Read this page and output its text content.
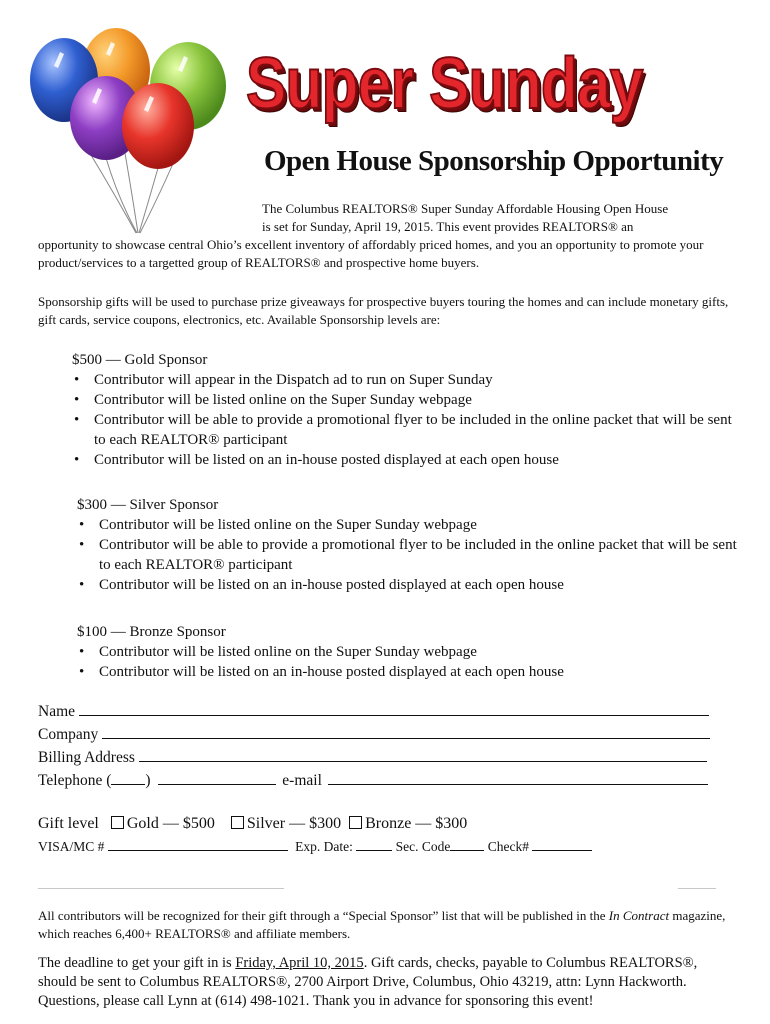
Super Sunday
Open House Sponsorship Opportunity
The Columbus REALTORS® Super Sunday Affordable Housing Open House
is set for Sunday, April 19, 2015. This event provides REALTORS® an
opportunity to showcase central Ohio’s excellent inventory of affordably priced homes, and you an opportunity to promote your product/services to a targetted group of REALTORS® and prospective home buyers.
Sponsorship gifts will be used to purchase prize giveaways for prospective buyers touring the homes and can include monetary gifts, gift cards, service coupons, electronics, etc. Available Sponsorship levels are:
$500 — Gold Sponsor
• Contributor will appear in the Dispatch ad to run on Super Sunday
• Contributor will be listed online on the Super Sunday webpage
• Contributor will be able to provide a promotional flyer to be included in the online packet that will be sent to each REALTOR® participant
• Contributor will be listed on an in-house posted displayed at each open house
$300 — Silver Sponsor
• Contributor will be listed online on the Super Sunday webpage
• Contributor will be able to provide a promotional flyer to be included in the online packet that will be sent to each REALTOR® participant
• Contributor will be listed on an in-house posted displayed at each open house
$100 — Bronze Sponsor
• Contributor will be listed online on the Super Sunday webpage
• Contributor will be listed on an in-house posted displayed at each open house
Name
Company
Billing Address
Telephone ( )	e-mail
Gift level Gold — $500 Silver — $300 Bronze — $300
VISA/MC #	Exp. Date:	Sec. Code	Check#
All contributors will be recognized for their gift through a “Special Sponsor” list that will be published in the In Contract magazine, which reaches 6,400+ REALTORS® and affiliate members.
The deadline to get your gift in is Friday, April 10, 2015. Gift cards, checks, payable to Columbus REALTORS®, should be sent to Columbus REALTORS®, 2700 Airport Drive, Columbus, Ohio 43219, attn: Lynn Hackworth. Questions, please call Lynn at (614) 498-1021. Thank you in advance for sponsoring this event!
